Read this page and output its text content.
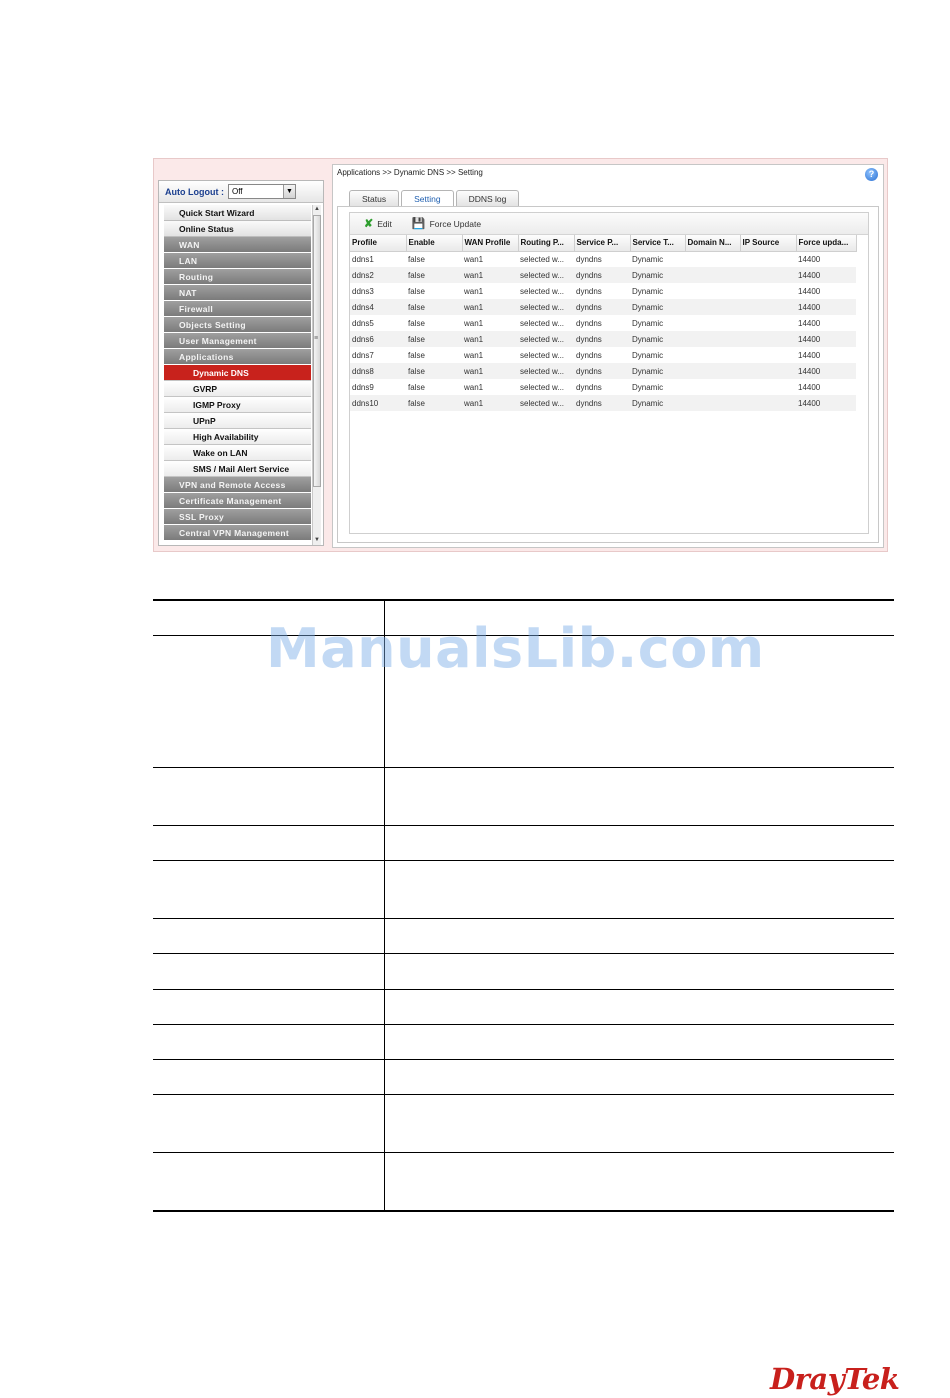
Auto Logout : Off	▼
Quick Start Wizard
Online Status
WAN
LAN
Routing
NAT
Firewall
Objects Setting
User Management
Applications
Dynamic DNS
GVRP
IGMP Proxy
UPnP
High Availability
Wake on LAN
SMS / Mail Alert Service
VPN and Remote Access
Certificate Management
SSL Proxy
Central VPN Management
▲
≡
▼
Applications >> Dynamic DNS >> Setting	?
Status	Setting	DDNS log
✘ Edit 💾 Force Update
Profile	Enable	WAN Profile	Routing P...	Service P...	Service T...	Domain N...	IP Source	Force upda...
ddns1	false	wan1	selected w...	dyndns	Dynamic			14400
ddns2	false	wan1	selected w...	dyndns	Dynamic			14400
ddns3	false	wan1	selected w...	dyndns	Dynamic			14400
ddns4	false	wan1	selected w...	dyndns	Dynamic			14400
ddns5	false	wan1	selected w...	dyndns	Dynamic			14400
ddns6	false	wan1	selected w...	dyndns	Dynamic			14400
ddns7	false	wan1	selected w...	dyndns	Dynamic			14400
ddns8	false	wan1	selected w...	dyndns	Dynamic			14400
ddns9	false	wan1	selected w...	dyndns	Dynamic			14400
ddns10	false	wan1	selected w...	dyndns	Dynamic			14400
ManualsLib.com
DrayTek
